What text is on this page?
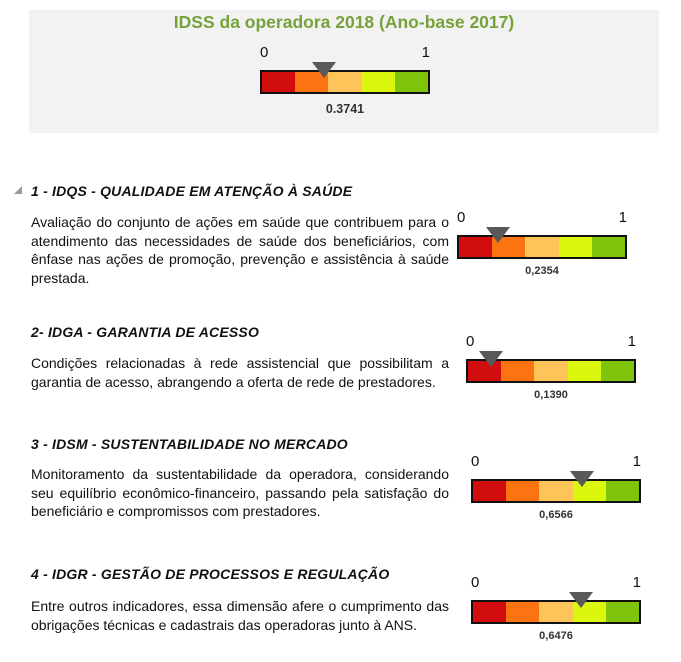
IDSS da operadora 2018 (Ano-base 2017)
0	1
0.3741
1 - IDQS - QUALIDADE EM ATENÇÃO À SAÚDE
Avaliação do conjunto de ações em saúde que contribuem para o atendimento das necessidades de saúde dos beneficiários, com ênfase nas ações de promoção, prevenção e assistência à saúde prestada.
0	1
0,2354
2- IDGA - GARANTIA DE ACESSO
Condições relacionadas à rede assistencial que possibilitam a garantia de acesso, abrangendo a oferta de rede de prestadores.
0	1
0,1390
3 - IDSM - SUSTENTABILIDADE NO MERCADO
Monitoramento da sustentabilidade da operadora, considerando seu equilíbrio econômico-financeiro, passando pela satisfação do beneficiário e compromissos com prestadores.
0	1
0,6566
4 - IDGR - GESTÃO DE PROCESSOS E REGULAÇÃO
Entre outros indicadores, essa dimensão afere o cumprimento das obrigações técnicas e cadastrais das operadoras junto à ANS.
0	1
0,6476
